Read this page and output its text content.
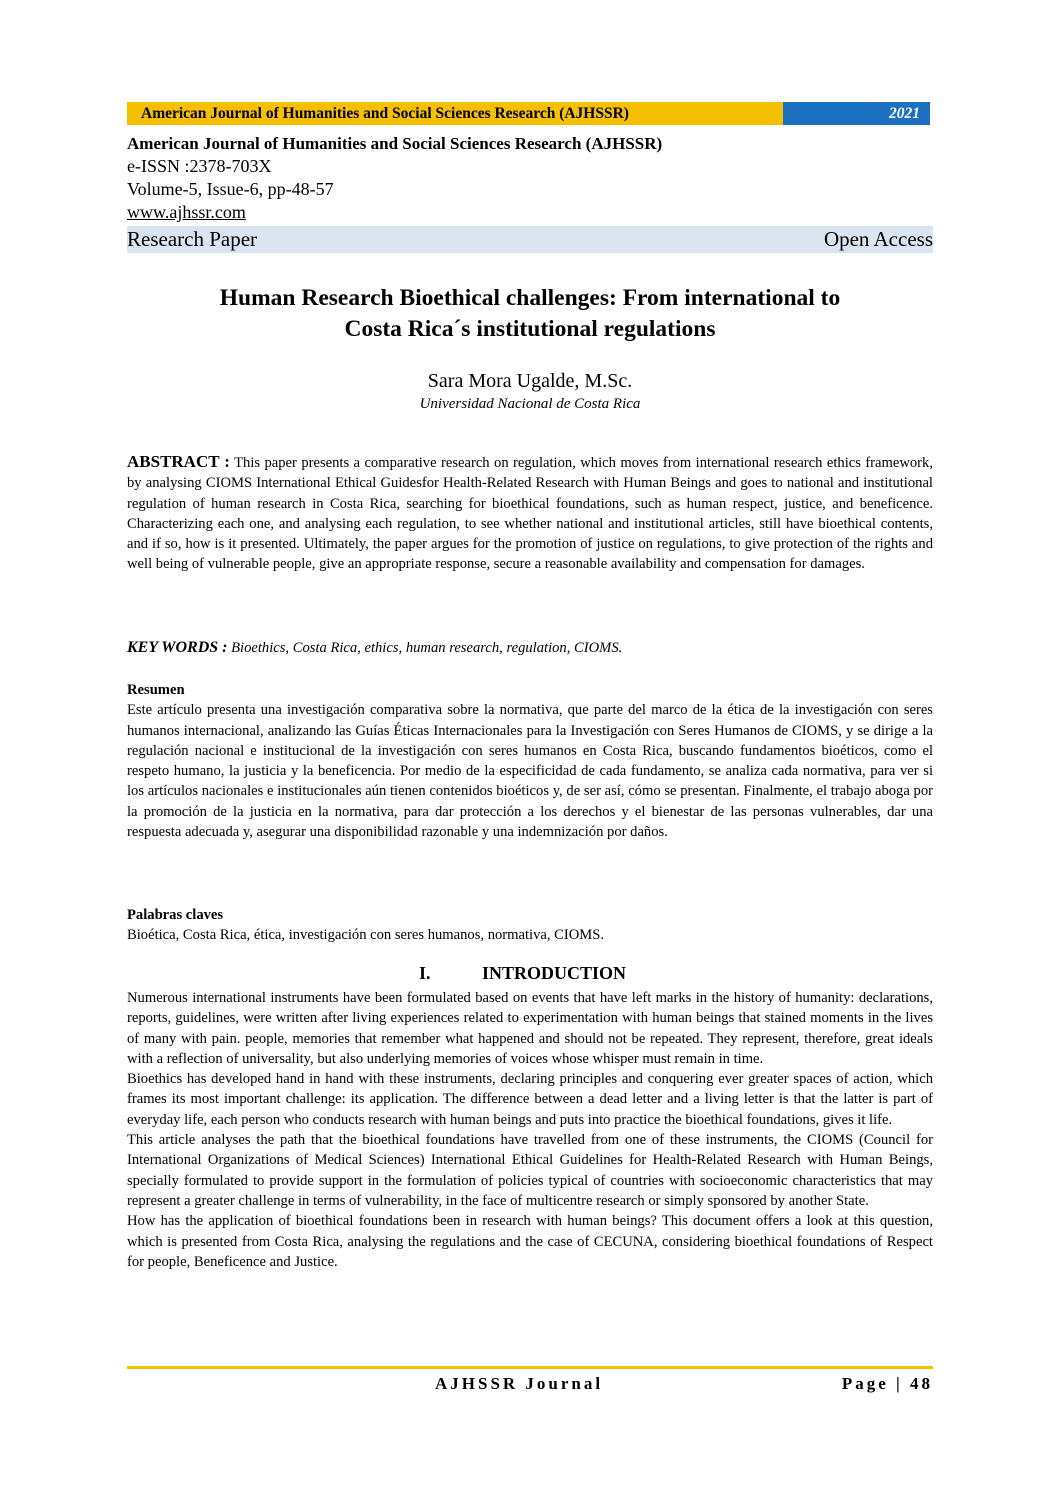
American Journal of Humanities and Social Sciences Research (AJHSSR)	2021
American Journal of Humanities and Social Sciences Research (AJHSSR)
e-ISSN :2378-703X
Volume-5, Issue-6, pp-48-57
www.ajhssr.com
Research Paper	Open Access
Human Research Bioethical challenges: From international to
Costa Rica´s institutional regulations
Sara Mora Ugalde, M.Sc.
Universidad Nacional de Costa Rica
ABSTRACT : This paper presents a comparative research on regulation, which moves from international research ethics framework, by analysing CIOMS International Ethical Guidesfor Health-Related Research with Human Beings and goes to national and institutional regulation of human research in Costa Rica, searching for bioethical foundations, such as human respect, justice, and beneficence. Characterizing each one, and analysing each regulation, to see whether national and institutional articles, still have bioethical contents, and if so, how is it presented. Ultimately, the paper argues for the promotion of justice on regulations, to give protection of the rights and well being of vulnerable people, give an appropriate response, secure a reasonable availability and compensation for damages.
KEY WORDS : Bioethics, Costa Rica, ethics, human research, regulation, CIOMS.
Resumen
Este artículo presenta una investigación comparativa sobre la normativa, que parte del marco de la ética de la investigación con seres humanos internacional, analizando las Guías Éticas Internacionales para la Investigación con Seres Humanos de CIOMS, y se dirige a la regulación nacional e institucional de la investigación con seres humanos en Costa Rica, buscando fundamentos bioéticos, como el respeto humano, la justicia y la beneficencia. Por medio de la especificidad de cada fundamento, se analiza cada normativa, para ver si los artículos nacionales e institucionales aún tienen contenidos bioéticos y, de ser así, cómo se presentan. Finalmente, el trabajo aboga por la promoción de la justicia en la normativa, para dar protección a los derechos y el bienestar de las personas vulnerables, dar una respuesta adecuada y, asegurar una disponibilidad razonable y una indemnización por daños.
Palabras claves
Bioética, Costa Rica, ética, investigación con seres humanos, normativa, CIOMS.
I.	INTRODUCTION

Numerous international instruments have been formulated based on events that have left marks in the history of humanity: declarations, reports, guidelines, were written after living experiences related to experimentation with human beings that stained moments in the lives of many with pain. people, memories that remember what happened and should not be repeated. They represent, therefore, great ideals with a reflection of universality, but also underlying memories of voices whose whisper must remain in time.

Bioethics has developed hand in hand with these instruments, declaring principles and conquering ever greater spaces of action, which frames its most important challenge: its application. The difference between a dead letter and a living letter is that the latter is part of everyday life, each person who conducts research with human beings and puts into practice the bioethical foundations, gives it life.

This article analyses the path that the bioethical foundations have travelled from one of these instruments, the CIOMS (Council for International Organizations of Medical Sciences) International Ethical Guidelines for Health-Related Research with Human Beings, specially formulated to provide support in the formulation of policies typical of countries with socioeconomic characteristics that may represent a greater challenge in terms of vulnerability, in the face of multicentre research or simply sponsored by another State.

How has the application of bioethical foundations been in research with human beings? This document offers a look at this question, which is presented from Costa Rica, analysing the regulations and the case of CECUNA, considering bioethical foundations of Respect for people, Beneficence and Justice.

AJHSSR Journal	Page | 48
